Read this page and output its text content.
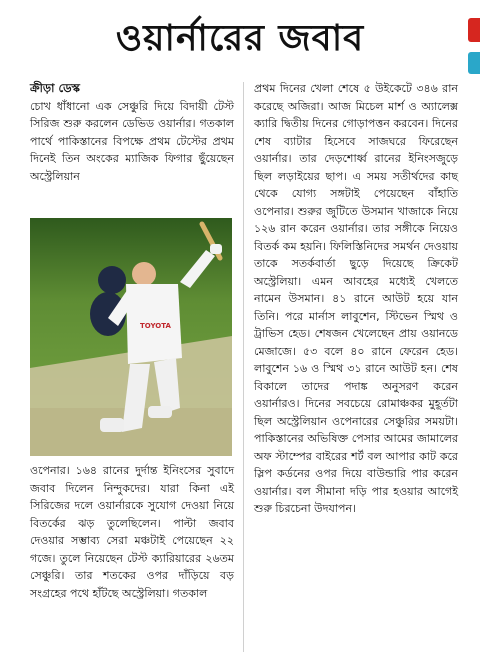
ওয়ার্নারের জবাব
ক্রীড়া ডেস্ক

চোখ ধাঁধানো এক সেঞ্চুরি দিয়ে বিদায়ী টেস্ট সিরিজ শুরু করলেন ডেভিড ওয়ার্নার। গতকাল পার্থে পাকিস্তানের বিপক্ষে প্রথম টেস্টের প্রথম দিনেই তিন অংকের ম্যাজিক ফিগার ছুঁয়েছেন অস্ট্রেলিয়ান

TOYOTA

ওপেনার। ১৬৪ রানের দুর্দান্ত ইনিংসের সুবাদে জবাব দিলেন নিন্দুকদের। যারা কিনা এই সিরিজের দলে ওয়ার্নারকে সুযোগ দেওয়া নিয়ে বিতর্কের ঝড় তুলেছিলেন। পাল্টা জবাব দেওয়ার সম্ভাব্য সেরা মঞ্চটাই পেয়েছেন ২২ গজে। তুলে নিয়েছেন টেস্ট ক্যারিয়ারের ২৬তম সেঞ্চুরি। তার শতকের ওপর দাঁড়িয়ে বড় সংগ্রহের পথে হাঁটছে অস্ট্রেলিয়া। গতকাল

প্রথম দিনের খেলা শেষে ৫ উইকেটে ৩৪৬ রান করেছে অজিরা। আজ মিচেল মার্শ ও অ্যালেক্স ক্যারি দ্বিতীয় দিনের গোড়াপত্তন করবেন। দিনের শেষ ব্যাটার হিসেবে সাজঘরে ফিরেছেন ওয়ার্নার। তার দেড়শোর্ধ্ব রানের ইনিংসজুড়ে ছিল লড়াইয়ের ছাপ। এ সময় সতীর্থদের কাছ থেকে যোগ্য সঙ্গটাই পেয়েছেন বাঁহাতি ওপেনার। শুরুর জুটিতে উসমান খাজাকে নিয়ে ১২৬ রান করেন ওয়ার্নার। তার সঙ্গীকে নিয়েও বিতর্ক কম হয়নি। ফিলিস্তিনিদের সমর্থন দেওয়ায় তাকে সতর্কবার্তা ছুড়ে দিয়েছে ক্রিকেট অস্ট্রেলিয়া। এমন আবহের মধ্যেই খেলতে নামেন উসমান। ৪১ রানে আউট হয়ে যান তিনি। পরে মার্নাস লাবুশেন, স্টিভেন স্মিথ ও ট্রাভিস হেড। শেষজন খেলেছেন প্রায় ওয়ানডে মেজাজে। ৫৩ বলে ৪০ রানে ফেরেন হেড। লাবুশেন ১৬ ও স্মিথ ৩১ রানে আউট হন। শেষ বিকালে তাদের পদাঙ্ক অনুসরণ করেন ওয়ার্নারও। দিনের সবচেয়ে রোমাঞ্চকর মুহূর্তটা ছিল অস্ট্রেলিয়ান ওপেনারের সেঞ্চুরির সময়টা। পাকিস্তানের অভিষিক্ত পেসার আমের জামালের অফ স্টাম্পের বাইরের শর্ট বল আপার কাট করে স্লিপ কর্ডনের ওপর দিয়ে বাউন্ডারি পার করেন ওয়ার্নার। বল সীমানা দড়ি পার হওয়ার আগেই শুরু চিরচেনা উদযাপন।
